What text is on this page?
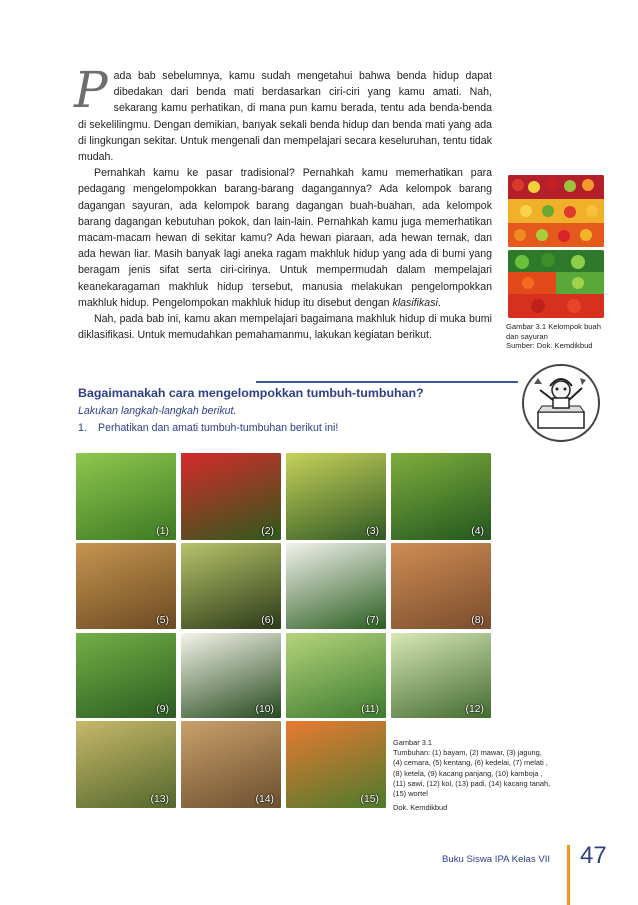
P ada bab sebelumnya, kamu sudah mengetahui bahwa benda hidup dapat dibedakan dari benda mati berdasarkan ciri-ciri yang kamu amati. Nah, sekarang kamu perhatikan, di mana pun kamu berada, tentu ada benda-benda di sekelilingmu. Dengan demikian, banyak sekali benda hidup dan benda mati yang ada di lingkungan sekitar. Untuk mengenali dan mempelajari secara keseluruhan, tentu tidak mudah.

Pernahkah kamu ke pasar tradisional? Pernahkah kamu memerhatikan para pedagang mengelompokkan barang-barang dagangannya? Ada kelompok barang dagangan sayuran, ada kelompok barang dagangan buah-buahan, ada kelompok barang dagangan kebutuhan pokok, dan lain-lain. Pernahkah kamu juga memerhatikan macam-macam hewan di sekitar kamu? Ada hewan piaraan, ada hewan ternak, dan ada hewan liar. Masih banyak lagi aneka ragam makhluk hidup yang ada di bumi yang beragam jenis sifat serta ciri-cirinya. Untuk mempermudah dalam mempelajari keanekaragaman makhluk hidup tersebut, manusia melakukan pengelompokkan makhluk hidup. Pengelompokan makhluk hidup itu disebut dengan klasifikasi.

Nah, pada bab ini, kamu akan mempelajari bagaimana makhluk hidup di muka bumi diklasifikasi. Untuk memudahkan pemahamanmu, lakukan kegiatan berikut.

Gambar 3.1 Kelompok buah
dan sayuran
Sumber: Dok. Kemdikbud
Bagaimanakah cara mengelompokkan tumbuh-tumbuhan?

Lakukan langkah-langkah berikut.

1. Perhatikan dan amati tumbuh-tumbuhan berikut ini!

(1)	(2)	(3)	(4)
(5)	(6)	(7)	(8)
(9)	(10)	(11)	(12)
(13)	(14)	(15)
Gambar 3.1
Tumbuhan: (1) bayam, (2) mawar, (3) jagung,
(4) cemara, (5) kentang, (6) kedelai, (7) melati ,
(8) ketela, (9) kacang panjang, (10) kamboja ,
(11) sawi, (12) kol, (13) padi, (14) kacang tanah,
(15) wortel
Dok. Kemdikbud
Buku Siswa IPA Kelas VII 47
